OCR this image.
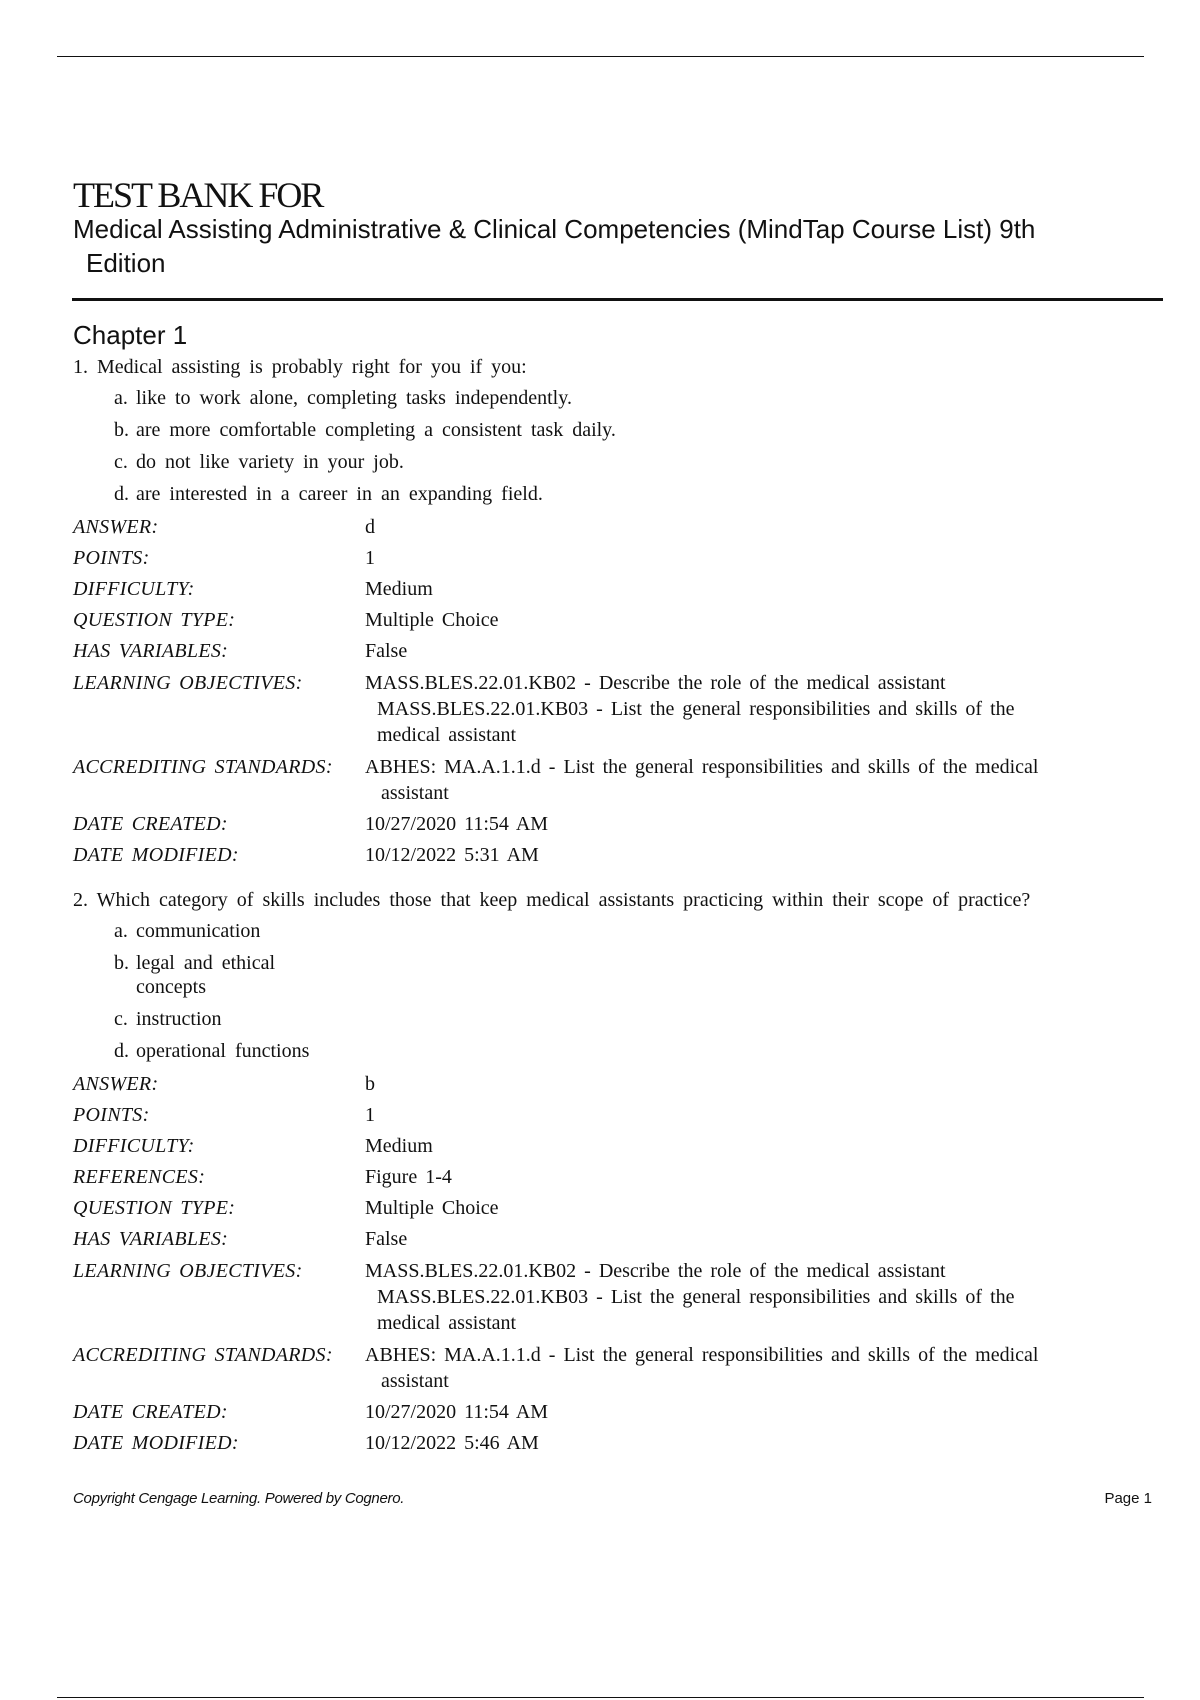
TEST BANK FOR
Medical Assisting Administrative & Clinical Competencies (MindTap Course List) 9th
Edition
Chapter 1
1. Medical assisting is probably right for you if you:
a. like to work alone, completing tasks independently.
b. are more comfortable completing a consistent task daily.
c. do not like variety in your job.
d. are interested in a career in an expanding field.
ANSWER:	d
POINTS:	1
DIFFICULTY:	Medium
QUESTION TYPE:	Multiple Choice
HAS VARIABLES:	False
LEARNING OBJECTIVES:	MASS.BLES.22.01.KB02 - Describe the role of the medical assistant
MASS.BLES.22.01.KB03 - List the general responsibilities and skills of the
medical assistant
ACCREDITING STANDARDS:	ABHES: MA.A.1.1.d - List the general responsibilities and skills of the medical
assistant
DATE CREATED:	10/27/2020 11:54 AM
DATE MODIFIED:	10/12/2022 5:31 AM
2. Which category of skills includes those that keep medical assistants practicing within their scope of practice?
a. communication
b. legal and ethical concepts
c. instruction
d. operational functions
ANSWER:	b
POINTS:	1
DIFFICULTY:	Medium
REFERENCES:	Figure 1-4
QUESTION TYPE:	Multiple Choice
HAS VARIABLES:	False
LEARNING OBJECTIVES:	MASS.BLES.22.01.KB02 - Describe the role of the medical assistant
MASS.BLES.22.01.KB03 - List the general responsibilities and skills of the
medical assistant
ACCREDITING STANDARDS:	ABHES: MA.A.1.1.d - List the general responsibilities and skills of the medical
assistant
DATE CREATED:	10/27/2020 11:54 AM
DATE MODIFIED:	10/12/2022 5:46 AM
Copyright Cengage Learning. Powered by Cognero.	Page 1
